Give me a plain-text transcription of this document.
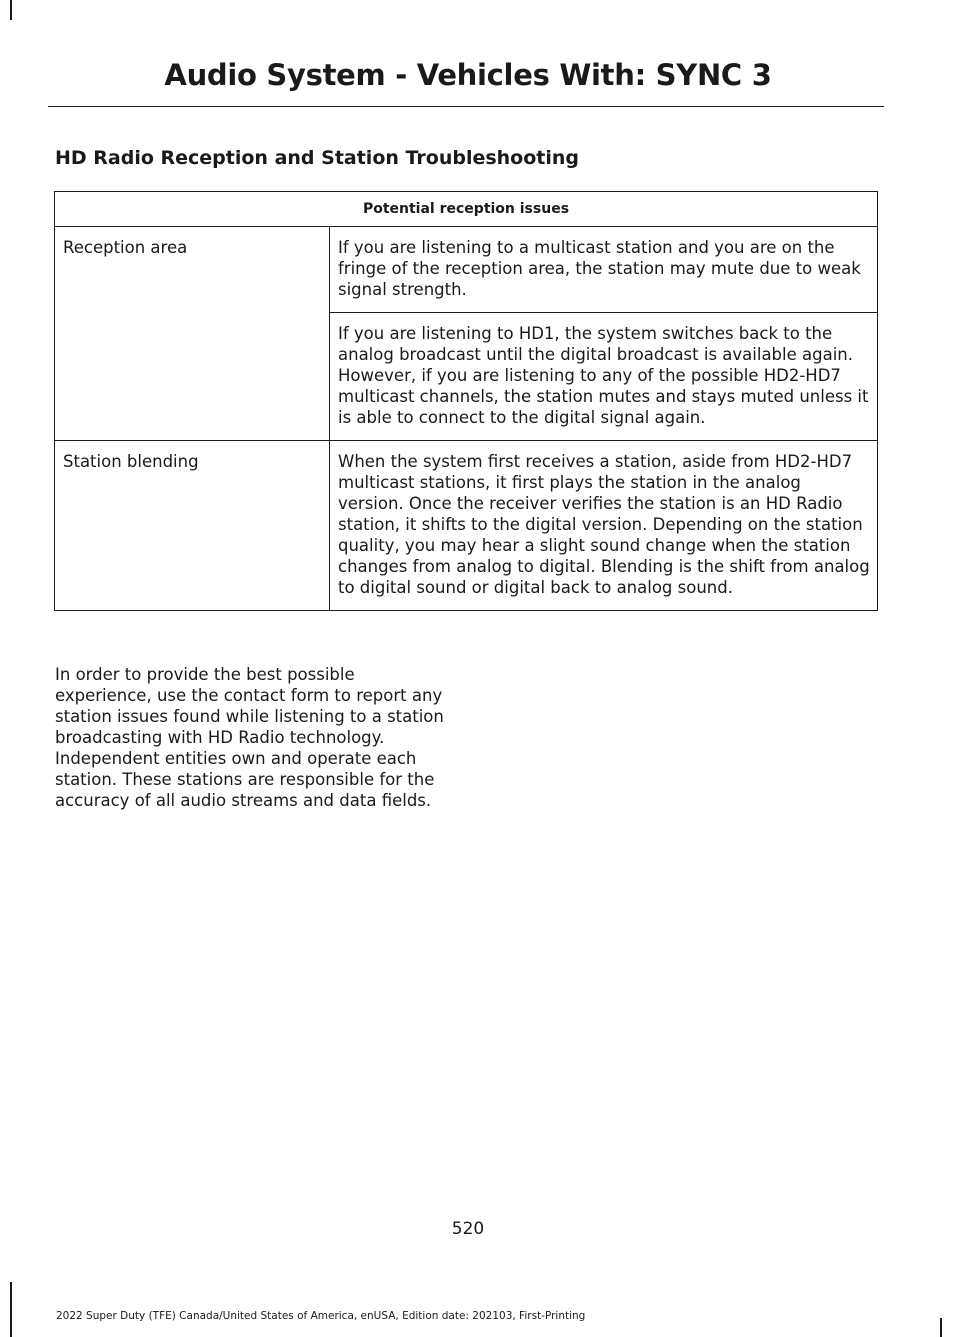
Audio System - Vehicles With: SYNC 3
HD Radio Reception and Station Troubleshooting
Potential reception issues	
Reception area	If you are listening to a multicast station and you are on the fringe of the reception area, the station may mute due to weak signal strength.
	If you are listening to HD1, the system switches back to the analog broadcast until the digital broadcast is available again. However, if you are listening to any of the possible HD2-HD7 multicast channels, the station mutes and stays muted unless it is able to connect to the digital signal again.
Station blending	When the system first receives a station, aside from HD2-HD7 multicast stations, it first plays the station in the analog version. Once the receiver verifies the station is an HD Radio station, it shifts to the digital version. Depending on the station quality, you may hear a slight sound change when the station changes from analog to digital. Blending is the shift from analog to digital sound or digital back to analog sound.
In order to provide the best possible experience, use the contact form to report any station issues found while listening to a station broadcasting with HD Radio technology. Independent entities own and operate each station. These stations are responsible for the accuracy of all audio streams and data fields.
520
2022 Super Duty (TFE) Canada/United States of America, enUSA, Edition date: 202103, First-Printing
